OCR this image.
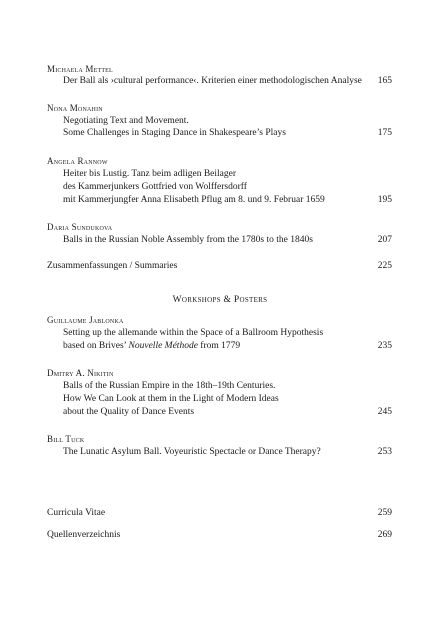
Michaela Mettel
Der Ball als ›cultural performance‹. Kriterien einer methodologischen Analyse 165
Nona Monahin
Negotiating Text and Movement.
Some Challenges in Staging Dance in Shakespeare’s Plays	175
Angela Rannow
Heiter bis Lustig. Tanz beim adligen Beilager
des Kammerjunkers Gottfried von Wolffersdorff
mit Kammerjungfer Anna Elisabeth Pflug am 8. und 9. Februar 1659	195
Daria Sundukova
Balls in the Russian Noble Assembly from the 1780s to the 1840s	207
Zusammenfassungen / Summaries	225
Workshops & Posters
Guillaume Jablonka
Setting up the allemande within the Space of a Ballroom Hypothesis
based on Brives’ Nouvelle Méthode from 1779	235
Dmitry A. Nikitin
Balls of the Russian Empire in the 18th–19th Centuries.
How We Can Look at them in the Light of Modern Ideas
about the Quality of Dance Events	245
Bill Tuck
The Lunatic Asylum Ball. Voyeuristic Spectacle or Dance Therapy?	253
Curricula Vitae	259
Quellenverzeichnis	269
